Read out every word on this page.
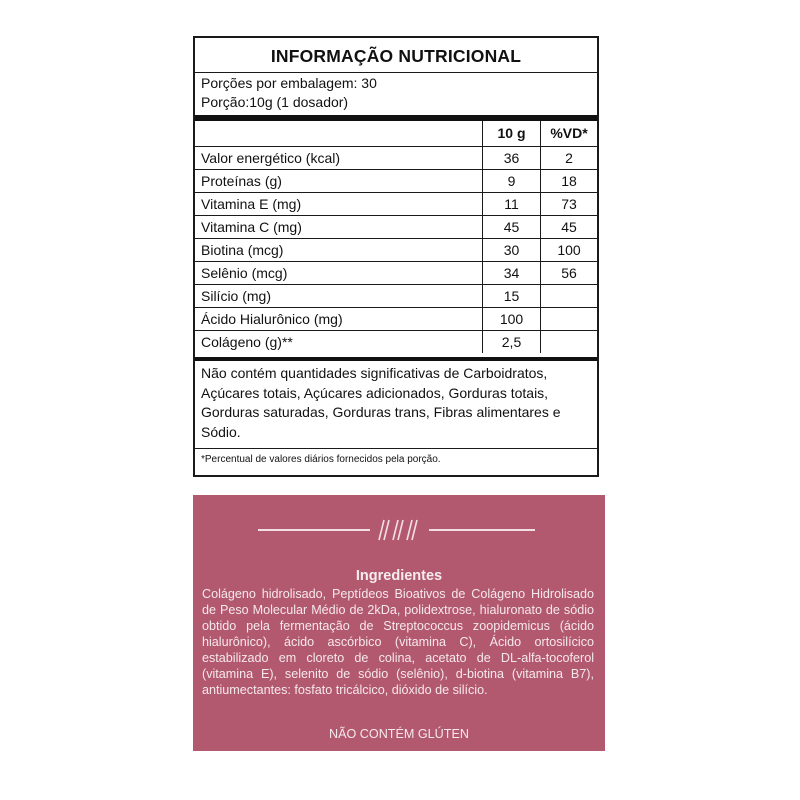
INFORMAÇÃO NUTRICIONAL
Porções por embalagem: 30
Porção:10g (1 dosador)
	10 g	%VD*
Valor energético (kcal)	36	2
Proteínas (g)	9	18
Vitamina E (mg)	11	73
Vitamina C (mg)	45	45
Biotina (mcg)	30	100
Selênio (mcg)	34	56
Silício (mg)	15	
Ácido Hialurônico (mg)	100	
Colágeno (g)**	2,5	
Não contém quantidades significativas de Carboidratos, Açúcares totais, Açúcares adicionados, Gorduras totais, Gorduras saturadas, Gorduras trans, Fibras alimentares e Sódio.
*Percentual de valores diários fornecidos pela porção.
Ingredientes
Colágeno hidrolisado, Peptídeos Bioativos de Colágeno Hidrolisado de Peso Molecular Médio de 2kDa, polidextrose, hialuronato de sódio obtido pela fermentação de Streptococcus zoopidemicus (ácido hialurônico), ácido ascórbico (vitamina C), Ácido ortosilícico estabilizado em cloreto de colina, acetato de DL-alfa-tocoferol (vitamina E), selenito de sódio (selênio), d-biotina (vitamina B7), antiumectantes: fosfato tricálcico, dióxido de silício.
NÃO CONTÉM GLÚTEN
